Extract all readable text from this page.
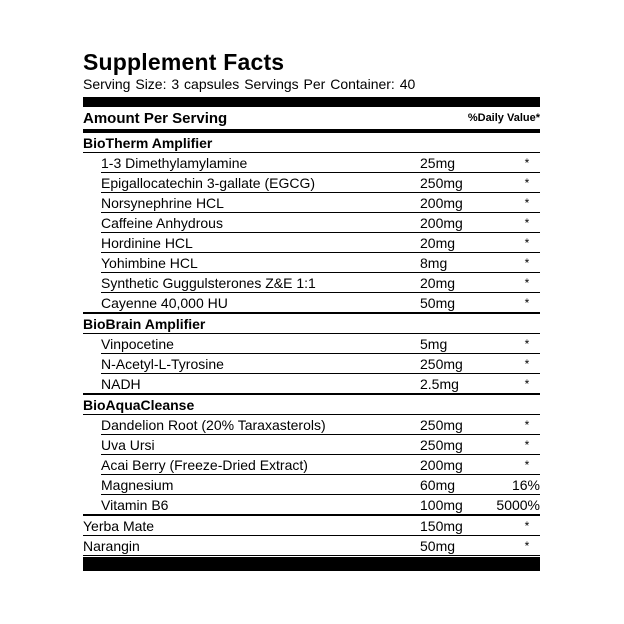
Supplement Facts
Serving Size: 3 capsules Servings Per Container: 40
Amount Per Serving	%Daily Value*
BioTherm Amplifier
1-3 Dimethylamylamine	25mg	*
Epigallocatechin 3-gallate (EGCG)	250mg	*
Norsynephrine HCL	200mg	*
Caffeine Anhydrous	200mg	*
Hordinine HCL	20mg	*
Yohimbine HCL	8mg	*
Synthetic Guggulsterones Z&E 1:1	20mg	*
Cayenne 40,000 HU	50mg	*
BioBrain Amplifier
Vinpocetine	5mg	*
N-Acetyl-L-Tyrosine	250mg	*
NADH	2.5mg	*
BioAquaCleanse
Dandelion Root (20% Taraxasterols)	250mg	*
Uva Ursi	250mg	*
Acai Berry (Freeze-Dried Extract)	200mg	*
Magnesium	60mg	16%
Vitamin B6	100mg	5000%
Yerba Mate	150mg	*
Narangin	50mg	*
*Daily value not established
